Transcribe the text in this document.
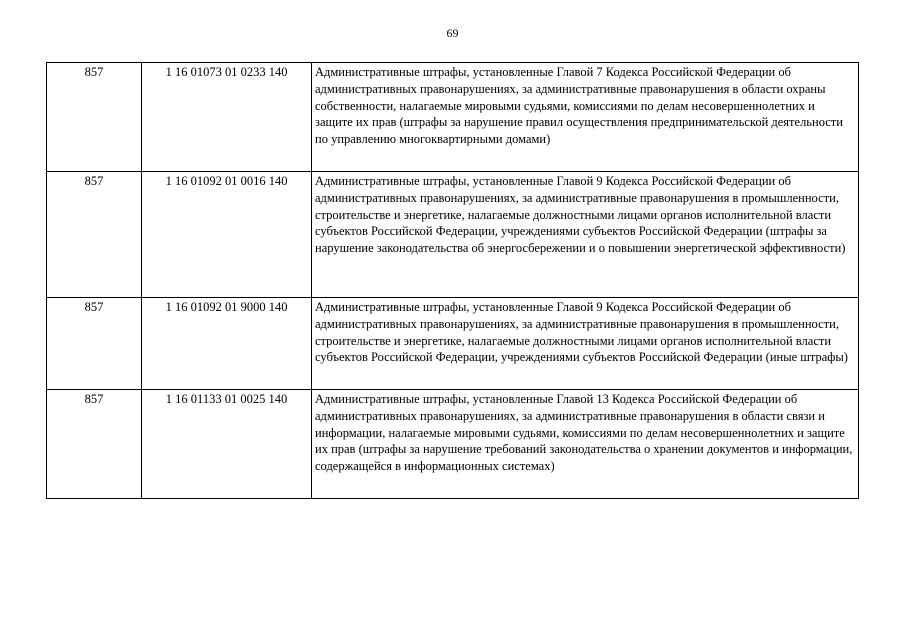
69
857	1 16 01073 01 0233 140	Административные штрафы, установленные Главой 7 Кодекса Российской Федерации об административных правонарушениях, за административные правонарушения в области охраны собственности, налагаемые мировыми судьями, комиссиями по делам несовершеннолетних и защите их прав (штрафы за нарушение правил осуществления предпринимательской деятельности по управлению многоквартирными домами)
857	1 16 01092 01 0016 140	Административные штрафы, установленные Главой 9 Кодекса Российской Федерации об административных правонарушениях, за административные правонарушения в промышленности, строительстве и энергетике, налагаемые должностными лицами органов исполнительной власти субъектов Российской Федерации, учреждениями субъектов Российской Федерации (штрафы за нарушение законодательства об энергосбережении и о повышении энергетической эффективности)
857	1 16 01092 01 9000 140	Административные штрафы, установленные Главой 9 Кодекса Российской Федерации об административных правонарушениях, за административные правонарушения в промышленности, строительстве и энергетике, налагаемые должностными лицами органов исполнительной власти субъектов Российской Федерации, учреждениями субъектов Российской Федерации (иные штрафы)
857	1 16 01133 01 0025 140	Административные штрафы, установленные Главой 13 Кодекса Российской Федерации об административных правонарушениях, за административные правонарушения в области связи и информации, налагаемые мировыми судьями, комиссиями по делам несовершеннолетних и защите их прав (штрафы за нарушение требований законодательства о хранении документов и информации, содержащейся в информационных системах)
